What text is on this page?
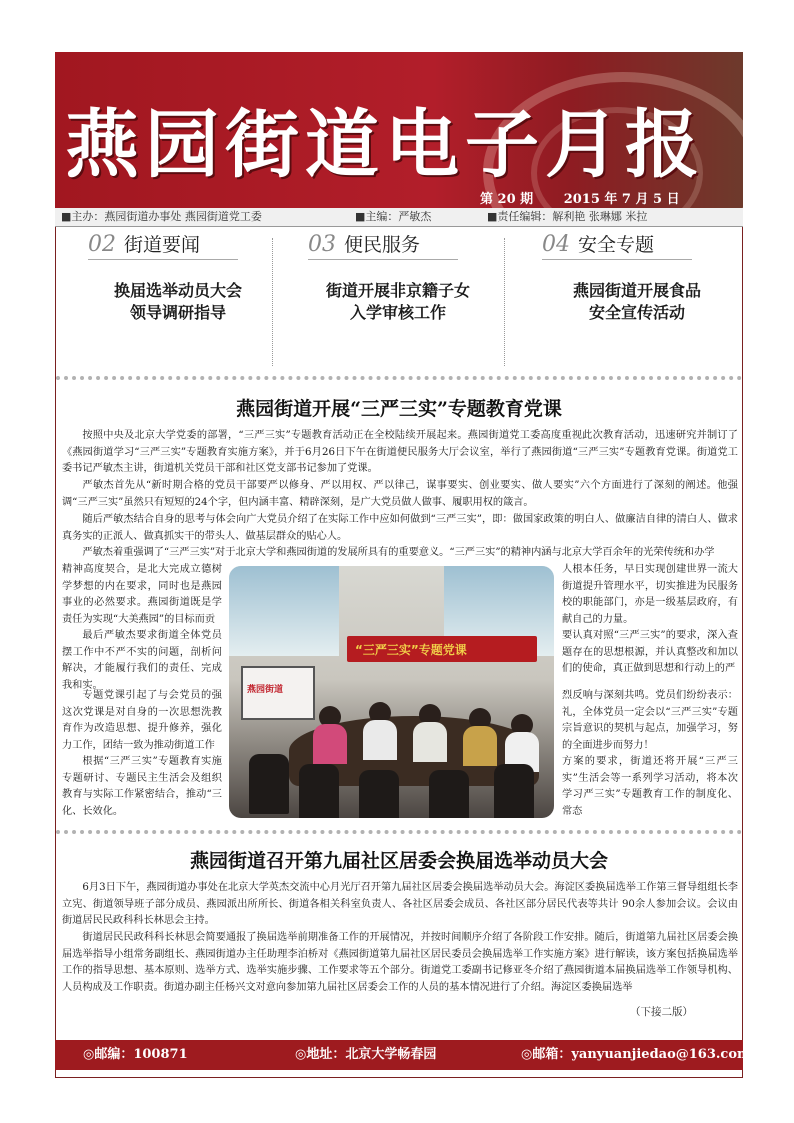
燕园街道电子月报
第 20 期 2015 年 7 月 5 日
■主办：燕园街道办事处 燕园街道党工委	■主编：严敏杰	■责任编辑：解利艳 张琳娜 米拉
02 街道要闻
换届选举动员大会
领导调研指导
03 便民服务
街道开展非京籍子女
入学审核工作
04 安全专题
燕园街道开展食品
安全宣传活动
燕园街道开展“三严三实”专题教育党课
按照中央及北京大学党委的部署，“三严三实”专题教育活动正在全校陆续开展起来。燕园街道党工委高度重视此次教育活动，迅速研究并制订了《燕园街道学习“三严三实”专题教育实施方案》，并于6月26日下午在街道便民服务大厅会议室，举行了燕园街道“三严三实”专题教育党课。街道党工委书记严敏杰主讲，街道机关党员干部和社区党支部书记参加了党课。
严敏杰首先从“新时期合格的党员干部要严以修身、严以用权、严以律己，谋事要实、创业要实、做人要实”六个方面进行了深刻的阐述。他强调“三严三实”虽然只有短短的24个字，但内涵丰富、精辟深刻，是广大党员做人做事、履职用权的箴言。
随后严敏杰结合自身的思考与体会向广大党员介绍了在实际工作中应如何做到“三严三实”，即：做国家政策的明白人、做廉洁自律的清白人、做求真务实的正派人、做真抓实干的带头人、做基层群众的贴心人。
严敏杰着重强调了“三严三实”对于北京大学和燕园街道的发展所具有的重要意义。“三严三实”的精神内涵与北京大学百余年的光荣传统和办学
精神高度契合，是北大完成立德树学梦想的内在要求，同时也是燕园事业的必然要求。燕园街道既是学责任为实现“大美燕园”的目标而贡
最后严敏杰要求街道全体党员摆工作中不严不实的问题，剖析问解决，才能履行我们的责任、完成我和实。
专题党课引起了与会党员的强这次党课是对自身的一次思想洗教育作为改造思想、提升修养，强化力工作，团结一致为推动街道工作
根据“三严三实”专题教育实施专题研讨、专题民主生活会及组织教育与实际工作紧密结合，推动“三化、长效化。
人根本任务，早日实现创建世界一流大街道提升管理水平，切实推进为民服务校的职能部门，亦是一级基层政府，有献自己的力量。
要认真对照“三严三实”的要求，深入查题存在的思想根源，并认真整改和加以们的使命，真正做到思想和行动上的严
烈反响与深刻共鸣。党员们纷纷表示：礼，全体党员一定会以“三严三实”专题宗旨意识的契机与起点，加强学习，努的全面进步而努力！
方案的要求，街道还将开展“三严三实”生活会等一系列学习活动，将本次学习严三实”专题教育工作的制度化、常态
“三严三实”专题党课
燕园街道
燕园街道召开第九届社区居委会换届选举动员大会
6月3日下午，燕园街道办事处在北京大学英杰交流中心月光厅召开第九届社区居委会换届选举动员大会。海淀区委换届选举工作第三督导组组长李立宪、街道领导班子部分成员、燕园派出所所长、街道各相关科室负责人、各社区居委会成员、各社区部分居民代表等共计 90余人参加会议。会议由街道居民民政科科长林思会主持。
街道居民民政科科长林思会简要通报了换届选举前期准备工作的开展情况，并按时间顺序介绍了各阶段工作安排。随后，街道第九届社区居委会换届选举指导小组常务副组长、燕园街道办主任助理李泊桥对《燕园街道第九届社区居民委员会换届选举工作实施方案》进行解读，该方案包括换届选举工作的指导思想、基本原则、选举方式、选举实施步骤、工作要求等五个部分。街道党工委副书记修亚冬介绍了燕园街道本届换届选举工作领导机构、人员构成及工作职责。街道办副主任杨兴文对意向参加第九届社区居委会工作的人员的基本情况进行了介绍。海淀区委换届选举
（下接二版）
◎邮编：100871	◎地址：北京大学畅春园	◎邮箱：yanyuanjiedao@163.com
